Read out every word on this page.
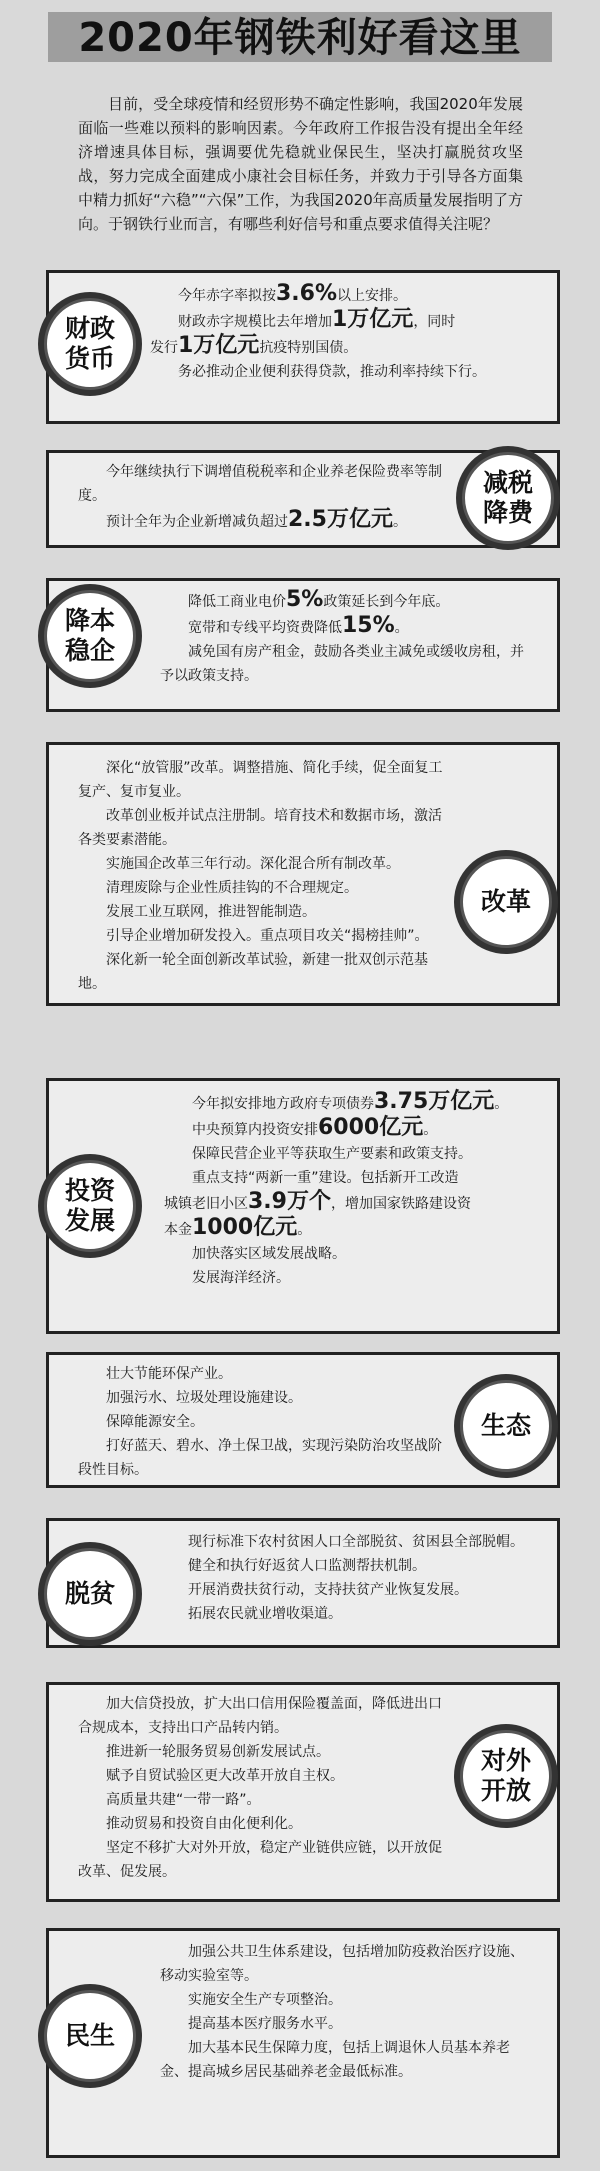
2020年钢铁利好看这里
目前，受全球疫情和经贸形势不确定性影响，我国2020年发展面临一些难以预料的影响因素。今年政府工作报告没有提出全年经济增速具体目标，强调要优先稳就业保民生，坚决打赢脱贫攻坚战，努力完成全面建成小康社会目标任务，并致力于引导各方面集中精力抓好“六稳”“六保”工作，为我国2020年高质量发展指明了方向。于钢铁行业而言，有哪些利好信号和重点要求值得关注呢？

今年赤字率拟按3.6%以上安排。

财政赤字规模比去年增加1万亿元，同时

发行1万亿元抗疫特别国债。

务必推动企业便利获得贷款，推动利率持续下行。

财政货币

今年继续执行下调增值税税率和企业养老保险费率等制度。

预计全年为企业新增减负超过2.5万亿元。

减税降费

降低工商业电价5%政策延长到今年底。

宽带和专线平均资费降低15%。

减免国有房产租金，鼓励各类业主减免或缓收房租，并予以政策支持。

降本稳企

深化“放管服”改革。调整措施、简化手续，促全面复工复产、复市复业。

改革创业板并试点注册制。培育技术和数据市场，激活各类要素潜能。

实施国企改革三年行动。深化混合所有制改革。

清理废除与企业性质挂钩的不合理规定。

发展工业互联网，推进智能制造。

引导企业增加研发投入。重点项目攻关“揭榜挂帅”。

深化新一轮全面创新改革试验，新建一批双创示范基地。

改革

今年拟安排地方政府专项债券3.75万亿元。

中央预算内投资安排6000亿元。

保障民营企业平等获取生产要素和政策支持。

重点支持“两新一重”建设。包括新开工改造

城镇老旧小区3.9万个，增加国家铁路建设资

本金1000亿元。

加快落实区域发展战略。

发展海洋经济。

投资发展

壮大节能环保产业。

加强污水、垃圾处理设施建设。

保障能源安全。

打好蓝天、碧水、净土保卫战，实现污染防治攻坚战阶段性目标。

生态

现行标准下农村贫困人口全部脱贫、贫困县全部脱帽。

健全和执行好返贫人口监测帮扶机制。

开展消费扶贫行动，支持扶贫产业恢复发展。

拓展农民就业增收渠道。

脱贫

加大信贷投放，扩大出口信用保险覆盖面，降低进出口合规成本，支持出口产品转内销。

推进新一轮服务贸易创新发展试点。

赋予自贸试验区更大改革开放自主权。

高质量共建“一带一路”。

推动贸易和投资自由化便利化。

坚定不移扩大对外开放，稳定产业链供应链，以开放促改革、促发展。

对外开放

加强公共卫生体系建设，包括增加防疫救治医疗设施、移动实验室等。

实施安全生产专项整治。

提高基本医疗服务水平。

加大基本民生保障力度，包括上调退休人员基本养老金、提高城乡居民基础养老金最低标准。

民生
